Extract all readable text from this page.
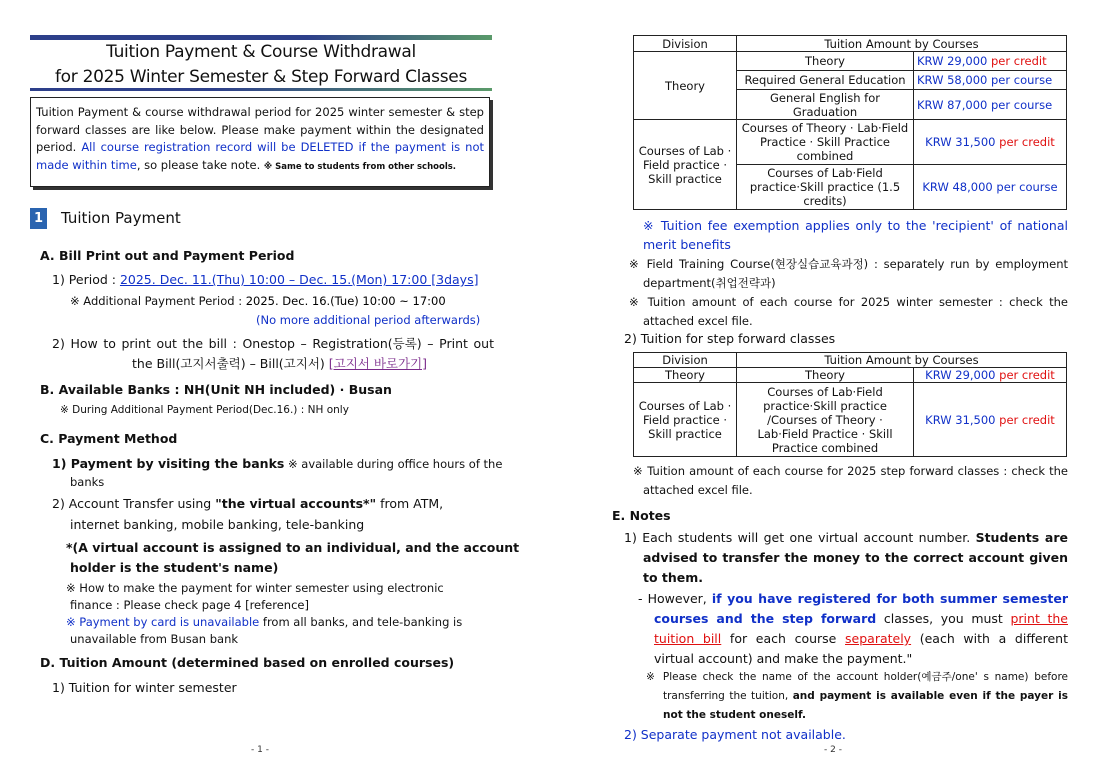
Tuition Payment & Course Withdrawal
for 2025 Winter Semester & Step Forward Classes
Tuition Payment & course withdrawal period for 2025 winter semester & step forward classes are like below. Please make payment within the designated period. All course registration record will be DELETED if the payment is not made within time, so please take note. ※ Same to students from other schools.
1 Tuition Payment
A. Bill Print out and Payment Period
1) Period : 2025. Dec. 11.(Thu) 10:00 – Dec. 15.(Mon) 17:00 [3days]
※ Additional Payment Period : 2025. Dec. 16.(Tue) 10:00 ~ 17:00
(No more additional period afterwards)
2) How to print out the bill : Onestop – Registration(등록) – Print out
the Bill(고지서출력) – Bill(고지서) [고지서 바로가기]
B. Available Banks : NH(Unit NH included) · Busan
※ During Additional Payment Period(Dec.16.) : NH only
C. Payment Method
1) Payment by visiting the banks ※ available during office hours of the
banks
2) Account Transfer using "the virtual accounts*" from ATM,
internet banking, mobile banking, tele-banking
*(A virtual account is assigned to an individual, and the account
holder is the student's name)
※ How to make the payment for winter semester using electronic
finance : Please check page 4 [reference]
※ Payment by card is unavailable from all banks, and tele-banking is
unavailable from Busan bank
D. Tuition Amount (determined based on enrolled courses)
1) Tuition for winter semester
- 1 -
Division	Tuition Amount by Courses	
Theory	Theory	KRW 29,000 per credit
	Required General Education	KRW 58,000 per course
	General English for Graduation	KRW 87,000 per course
Courses of Lab · Field practice · Skill practice	Courses of Theory · Lab·Field Practice · Skill Practice combined	KRW 31,500 per credit
	Courses of Lab·Field practice·Skill practice (1.5 credits)	KRW 48,000 per course
※ Tuition fee exemption applies only to the 'recipient' of national merit benefits
※ Field Training Course(현장실습교육과정) : separately run by employment department(취업전략과)
※ Tuition amount of each course for 2025 winter semester : check the attached excel file.
2) Tuition for step forward classes
Division	Tuition Amount by Courses	
Theory	Theory	KRW 29,000 per credit
Courses of Lab · Field practice · Skill practice	Courses of Lab·Field practice·Skill practice /Courses of Theory · Lab·Field Practice · Skill Practice combined	KRW 31,500 per credit
※ Tuition amount of each course for 2025 step forward classes : check the attached excel file.
E. Notes
1) Each students will get one virtual account number. Students are advised to transfer the money to the correct account given to them.
- However, if you have registered for both summer semester courses and the step forward classes, you must print the tuition bill for each course separately (each with a different virtual account) and make the payment."
※ Please check the name of the account holder(예금주/one' s name) before transferring the tuition, and payment is available even if the payer is not the student oneself.
2) Separate payment not available.
- 2 -
